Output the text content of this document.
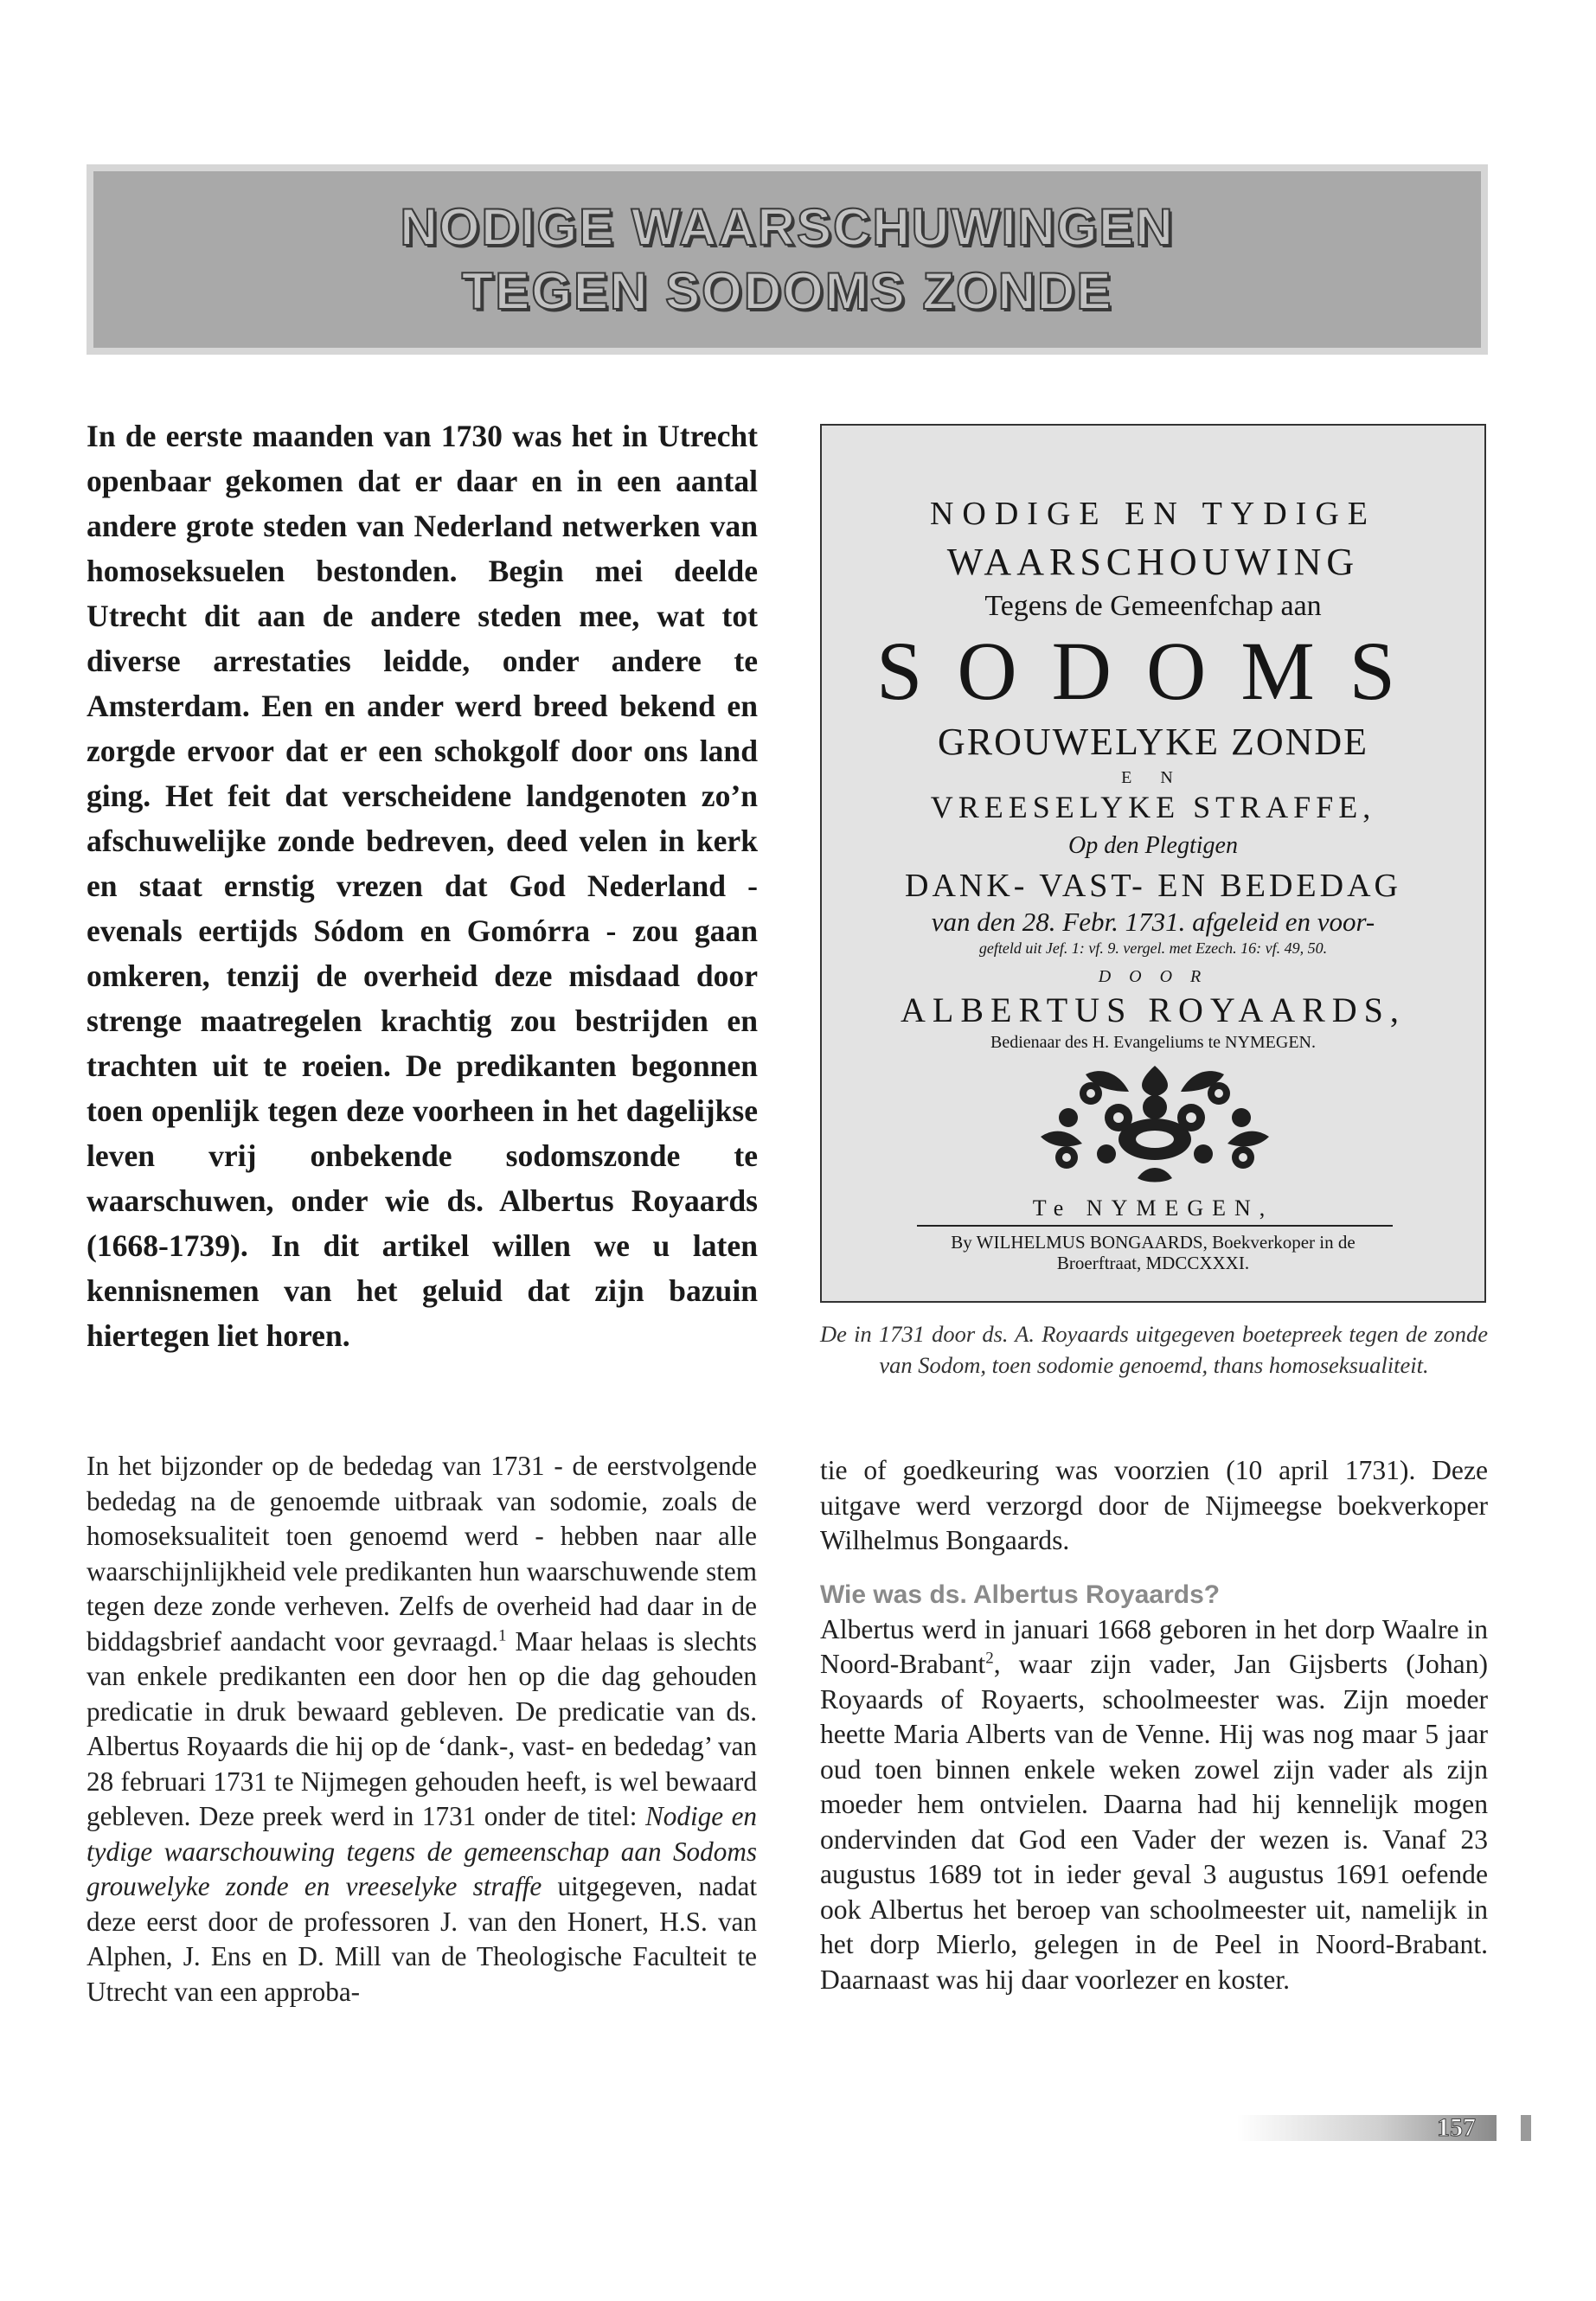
NODIGE WAARSCHUWINGEN
TEGEN SODOMS ZONDE

In de eerste maanden van 1730 was het in Utrecht openbaar gekomen dat er daar en in een aantal andere grote steden van Nederland netwerken van homoseksuelen bestonden. Begin mei deelde Utrecht dit aan de andere steden mee, wat tot diverse arrestaties leidde, onder andere te Amsterdam. Een en ander werd breed bekend en zorgde ervoor dat er een schokgolf door ons land ging. Het feit dat verscheidene landgenoten zo’n afschuwelijke zonde bedreven, deed velen in kerk en staat ernstig vrezen dat God Nederland - evenals eertijds Sódom en Gomórra - zou gaan omkeren, tenzij de overheid deze misdaad door strenge maatregelen krachtig zou bestrijden en trachten uit te roeien. De predikanten begonnen toen openlijk tegen deze voorheen in het dagelijkse leven vrij onbekende sodomszonde te waarschuwen, onder wie ds. Albertus Royaards (1668-1739). In dit artikel willen we u laten kennisnemen van het geluid dat zijn bazuin hiertegen liet horen.

NODIGE EN TYDIGE
WAARSCHOUWING
Tegens de Gemeenfchap aan
SODOMS
GROUWELYKE ZONDE
E N
VREESELYKE STRAFFE,
Op den Plegtigen
DANK- VAST- EN BEDEDAG
van den 28. Febr. 1731. afgeleid en voor-
gefteld uit Jef. 1: vf. 9. vergel. met Ezech. 16: vf. 49, 50.
D O O R
ALBERTUS ROYAARDS,
Bedienaar des H. Evangeliums te NYMEGEN.
Te NYMEGEN,
By WILHELMUS BONGAARDS, Boekverkoper in de
Broerftraat, MDCCXXXI.

De in 1731 door ds. A. Royaards uitgegeven boetepreek tegen de zonde van Sodom, toen sodomie genoemd, thans homoseksualiteit.

In het bijzonder op de bededag van 1731 - de eerstvolgende bededag na de genoemde uitbraak van sodomie, zoals de homoseksualiteit toen genoemd werd - hebben naar alle waarschijnlijkheid vele predikanten hun waarschuwende stem tegen deze zonde verheven. Zelfs de overheid had daar in de biddagsbrief aandacht voor gevraagd.$^1$ Maar helaas is slechts van enkele predikanten een door hen op die dag gehouden predicatie in druk bewaard gebleven. De predicatie van ds. Albertus Royaards die hij op de ‘dank-, vast- en bededag’ van 28 februari 1731 te Nijmegen gehouden heeft, is wel bewaard gebleven. Deze preek werd in 1731 onder de titel: Nodige en tydige waarschouwing tegens de gemeenschap aan Sodoms grouwelyke zonde en vreeselyke straffe uitgegeven, nadat deze eerst door de professoren J. van den Honert, H.S. van Alphen, J. Ens en D. Mill van de Theologische Faculteit te Utrecht van een approba-

tie of goedkeuring was voorzien (10 april 1731). Deze uitgave werd verzorgd door de Nijmeegse boekverkoper Wilhelmus Bongaards.

Wie was ds. Albertus Royaards?

Albertus werd in januari 1668 geboren in het dorp Waalre in Noord-Brabant$^2$, waar zijn vader, Jan Gijsberts (Johan) Royaards of Royaerts, schoolmeester was. Zijn moeder heette Maria Alberts van de Venne. Hij was nog maar 5 jaar oud toen binnen enkele weken zowel zijn vader als zijn moeder hem ontvielen. Daarna had hij kennelijk mogen ondervinden dat God een Vader der wezen is. Vanaf 23 augustus 1689 tot in ieder geval 3 augustus 1691 oefende ook Albertus het beroep van schoolmeester uit, namelijk in het dorp Mierlo, gelegen in de Peel in Noord-Brabant. Daarnaast was hij daar voorlezer en koster.

157
